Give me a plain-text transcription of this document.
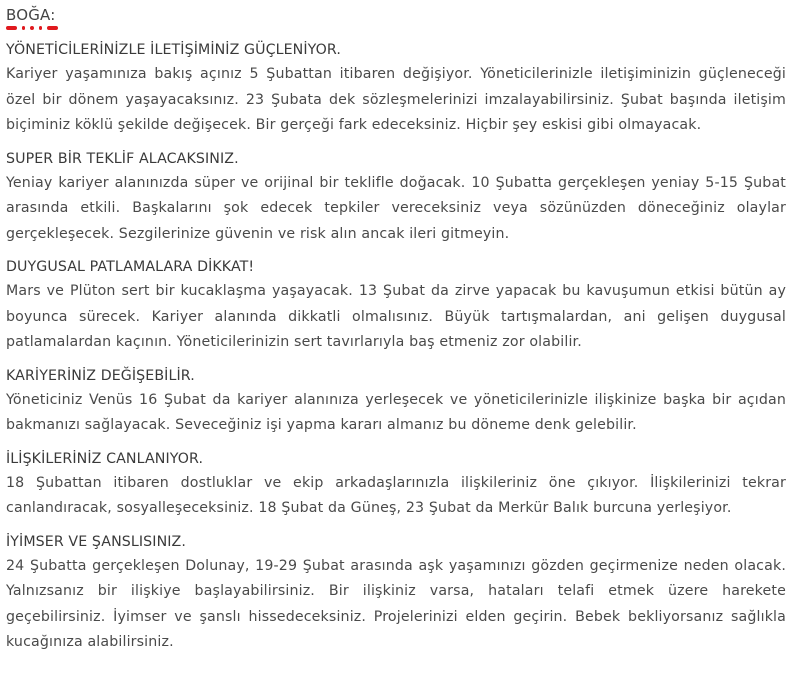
BOĞA:
YÖNETİCİLERİNİZLE İLETİŞİMİNİZ GÜÇLENİYOR.

Kariyer yaşamınıza bakış açınız 5 Şubattan itibaren değişiyor. Yöneticilerinizle iletişiminizin güçleneceği özel bir dönem yaşayacaksınız. 23 Şubata dek sözleşmelerinizi imzalayabilirsiniz. Şubat başında iletişim biçiminiz köklü şekilde değişecek. Bir gerçeği fark edeceksiniz. Hiçbir şey eskisi gibi olmayacak.

SUPER BİR TEKLİF ALACAKSINIZ.

Yeniay kariyer alanınızda süper ve orijinal bir teklifle doğacak. 10 Şubatta gerçekleşen yeniay 5-15 Şubat arasında etkili. Başkalarını şok edecek tepkiler vereceksiniz veya sözünüzden döneceğiniz olaylar gerçekleşecek. Sezgilerinize güvenin ve risk alın ancak ileri gitmeyin.

DUYGUSAL PATLAMALARA DİKKAT!

Mars ve Plüton sert bir kucaklaşma yaşayacak. 13 Şubat da zirve yapacak bu kavuşumun etkisi bütün ay boyunca sürecek. Kariyer alanında dikkatli olmalısınız. Büyük tartışmalardan, ani gelişen duygusal patlamalardan kaçının. Yöneticilerinizin sert tavırlarıyla baş etmeniz zor olabilir.

KARİYERİNİZ DEĞİŞEBİLİR.

Yöneticiniz Venüs 16 Şubat da kariyer alanınıza yerleşecek ve yöneticilerinizle ilişkinize başka bir açıdan bakmanızı sağlayacak. Seveceğiniz işi yapma kararı almanız bu döneme denk gelebilir.

İLİŞKİLERİNİZ CANLANIYOR.

18 Şubattan itibaren dostluklar ve ekip arkadaşlarınızla ilişkileriniz öne çıkıyor. İlişkilerinizi tekrar canlandıracak, sosyalleşeceksiniz. 18 Şubat da Güneş, 23 Şubat da Merkür Balık burcuna yerleşiyor.

İYİMSER VE ŞANSLISINIZ.

24 Şubatta gerçekleşen Dolunay, 19-29 Şubat arasında aşk yaşamınızı gözden geçirmenize neden olacak. Yalnızsanız bir ilişkiye başlayabilirsiniz. Bir ilişkiniz varsa, hataları telafi etmek üzere harekete geçebilirsiniz. İyimser ve şanslı hissedeceksiniz. Projelerinizi elden geçirin. Bebek bekliyorsanız sağlıkla kucağınıza alabilirsiniz.
